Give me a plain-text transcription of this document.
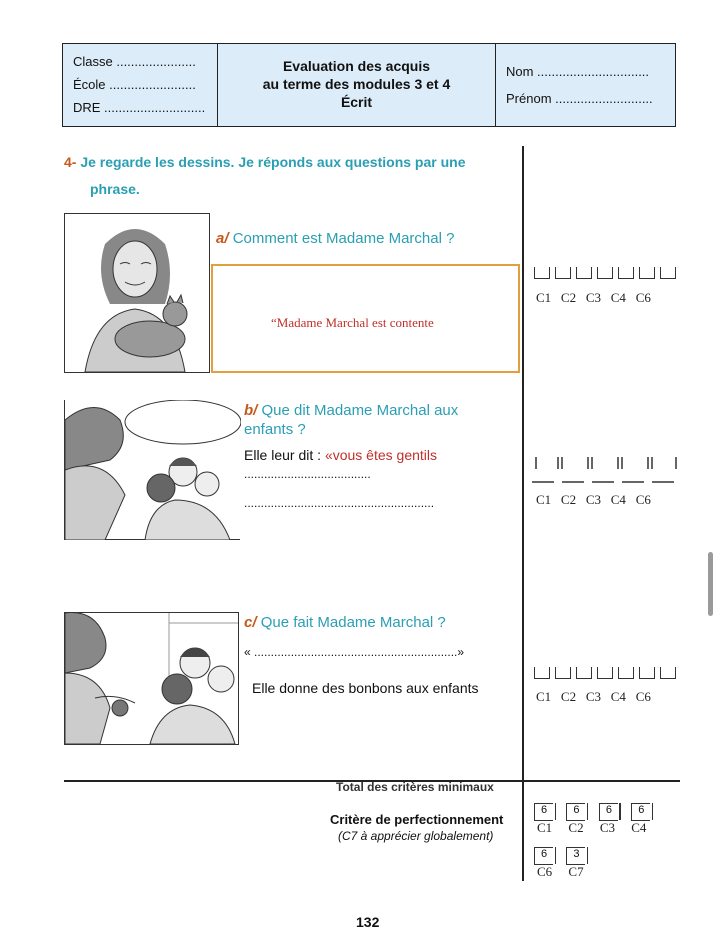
Classe ......................
École ........................
DRE ............................
Evaluation des acquis
au terme des modules 3 et 4
Écrit
Nom ...............................
Prénom ...........................
4- Je regarde les dessins. Je réponds aux questions par une
phrase.
a/ Comment est Madame Marchal ?
“Madame Marchal est contente
C1 C2 C3 C4 C6
b/ Que dit Madame Marchal aux
enfants ?
Elle leur dit : «vous êtes gentils
......................................
.........................................................	C1 C2 C3 C4 C6
c/ Que fait Madame Marchal ?
« .............................................................»
Elle donne des bonbons aux enfants
C1 C2 C3 C4 C6
Total des critères minimaux
Critère de perfectionnement
(C7 à apprécier globalement)
6 6 6 6
C1 C2 C3 C4
6 3
C6 C7
132
